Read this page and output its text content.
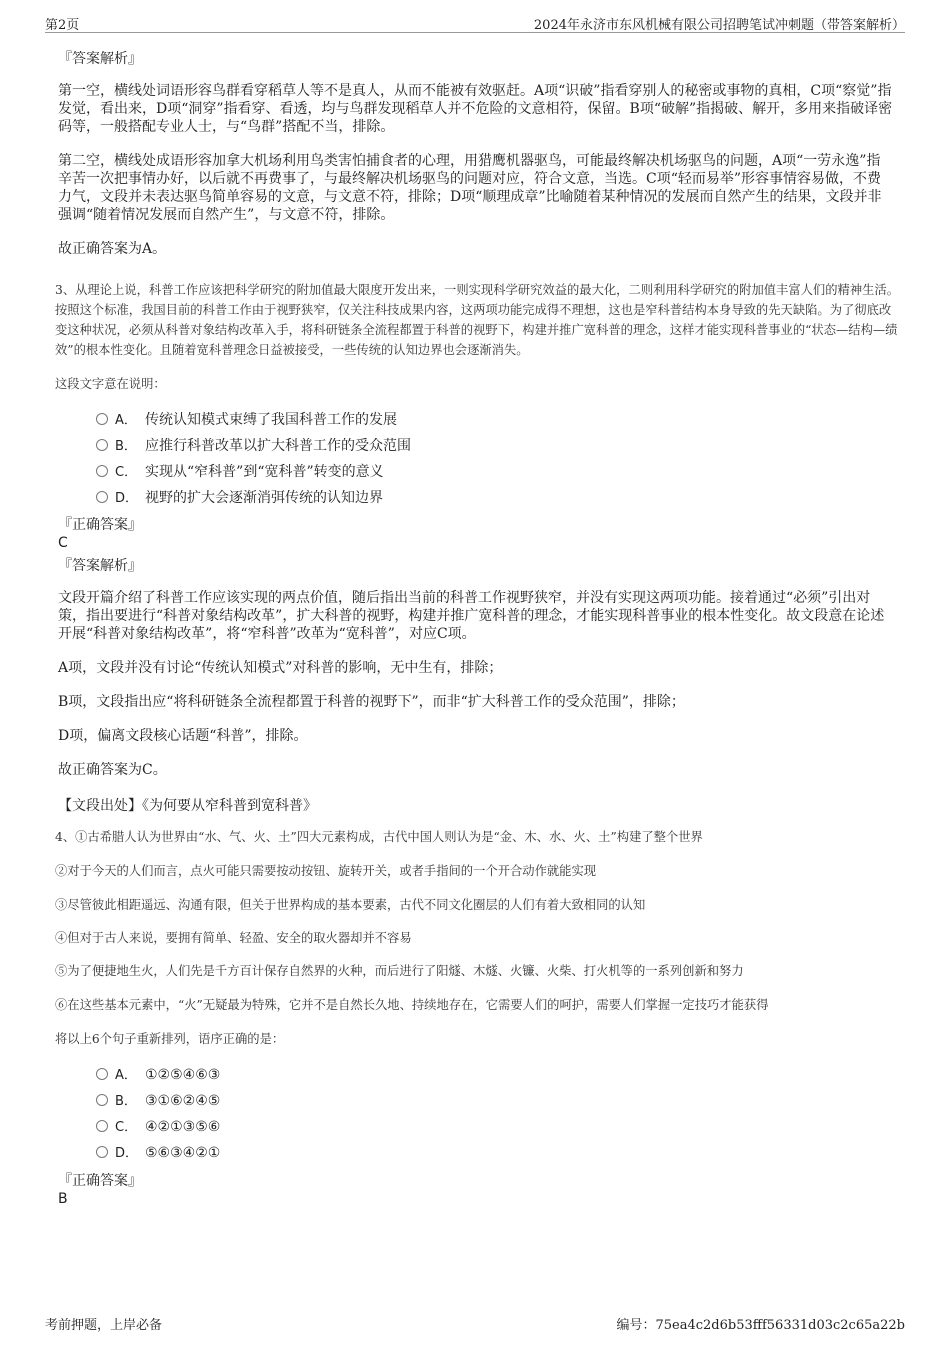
第2页	2024年永济市东风机械有限公司招聘笔试冲刺题（带答案解析）
『答案解析』
第一空，横线处词语形容鸟群看穿稻草人等不是真人，从而不能被有效驱赶。A项“识破”指看穿别人的秘密或事物的真相，C项“察觉”指发觉，看出来，D项“洞穿”指看穿、看透，均与鸟群发现稻草人并不危险的文意相符，保留。B项“破解”指揭破、解开，多用来指破译密码等，一般搭配专业人士，与“鸟群”搭配不当，排除。
第二空，横线处成语形容加拿大机场利用鸟类害怕捕食者的心理，用猎鹰机器驱鸟，可能最终解决机场驱鸟的问题，A项“一劳永逸”指辛苦一次把事情办好，以后就不再费事了，与最终解决机场驱鸟的问题对应，符合文意，当选。C项“轻而易举”形容事情容易做，不费力气，文段并未表达驱鸟简单容易的文意，与文意不符，排除；D项“顺理成章”比喻随着某种情况的发展而自然产生的结果，文段并非强调“随着情况发展而自然产生”，与文意不符，排除。
故正确答案为A。
3、从理论上说，科普工作应该把科学研究的附加值最大限度开发出来，一则实现科学研究效益的最大化，二则利用科学研究的附加值丰富人们的精神生活。按照这个标准，我国目前的科普工作由于视野狭窄，仅关注科技成果内容，这两项功能完成得不理想，这也是窄科普结构本身导致的先天缺陷。为了彻底改变这种状况，必须从科普对象结构改革入手，将科研链条全流程都置于科普的视野下，构建并推广宽科普的理念，这样才能实现科普事业的“状态—结构—绩效”的根本性变化。且随着宽科普理念日益被接受，一些传统的认知边界也会逐渐消失。
这段文字意在说明：
A． 传统认知模式束缚了我国科普工作的发展
B． 应推行科普改革以扩大科普工作的受众范围
C． 实现从“窄科普”到“宽科普”转变的意义
D． 视野的扩大会逐渐消弭传统的认知边界
『正确答案』
C
『答案解析』
文段开篇介绍了科普工作应该实现的两点价值，随后指出当前的科普工作视野狭窄，并没有实现这两项功能。接着通过“必须”引出对策，指出要进行“科普对象结构改革”，扩大科普的视野，构建并推广宽科普的理念，才能实现科普事业的根本性变化。故文段意在论述开展“科普对象结构改革”，将“窄科普”改革为“宽科普”，对应C项。
A项，文段并没有讨论“传统认知模式”对科普的影响，无中生有，排除；
B项，文段指出应“将科研链条全流程都置于科普的视野下”，而非“扩大科普工作的受众范围”，排除；
D项，偏离文段核心话题“科普”，排除。
故正确答案为C。
【文段出处】《为何要从窄科普到宽科普》
4、①古希腊人认为世界由“水、气、火、土”四大元素构成，古代中国人则认为是“金、木、水、火、土”构建了整个世界
②对于今天的人们而言，点火可能只需要按动按钮、旋转开关，或者手指间的一个开合动作就能实现
③尽管彼此相距遥远、沟通有限，但关于世界构成的基本要素，古代不同文化圈层的人们有着大致相同的认知
④但对于古人来说，要拥有简单、轻盈、安全的取火器却并不容易
⑤为了便捷地生火，人们先是千方百计保存自然界的火种，而后进行了阳燧、木燧、火镰、火柴、打火机等的一系列创新和努力
⑥在这些基本元素中，“火”无疑最为特殊，它并不是自然长久地、持续地存在，它需要人们的呵护，需要人们掌握一定技巧才能获得
将以上6个句子重新排列，语序正确的是：
A． ①②⑤④⑥③
B． ③①⑥②④⑤
C． ④②①③⑤⑥
D． ⑤⑥③④②①
『正确答案』
B
考前押题，上岸必备	编号：75ea4c2d6b53fff56331d03c2c65a22b
